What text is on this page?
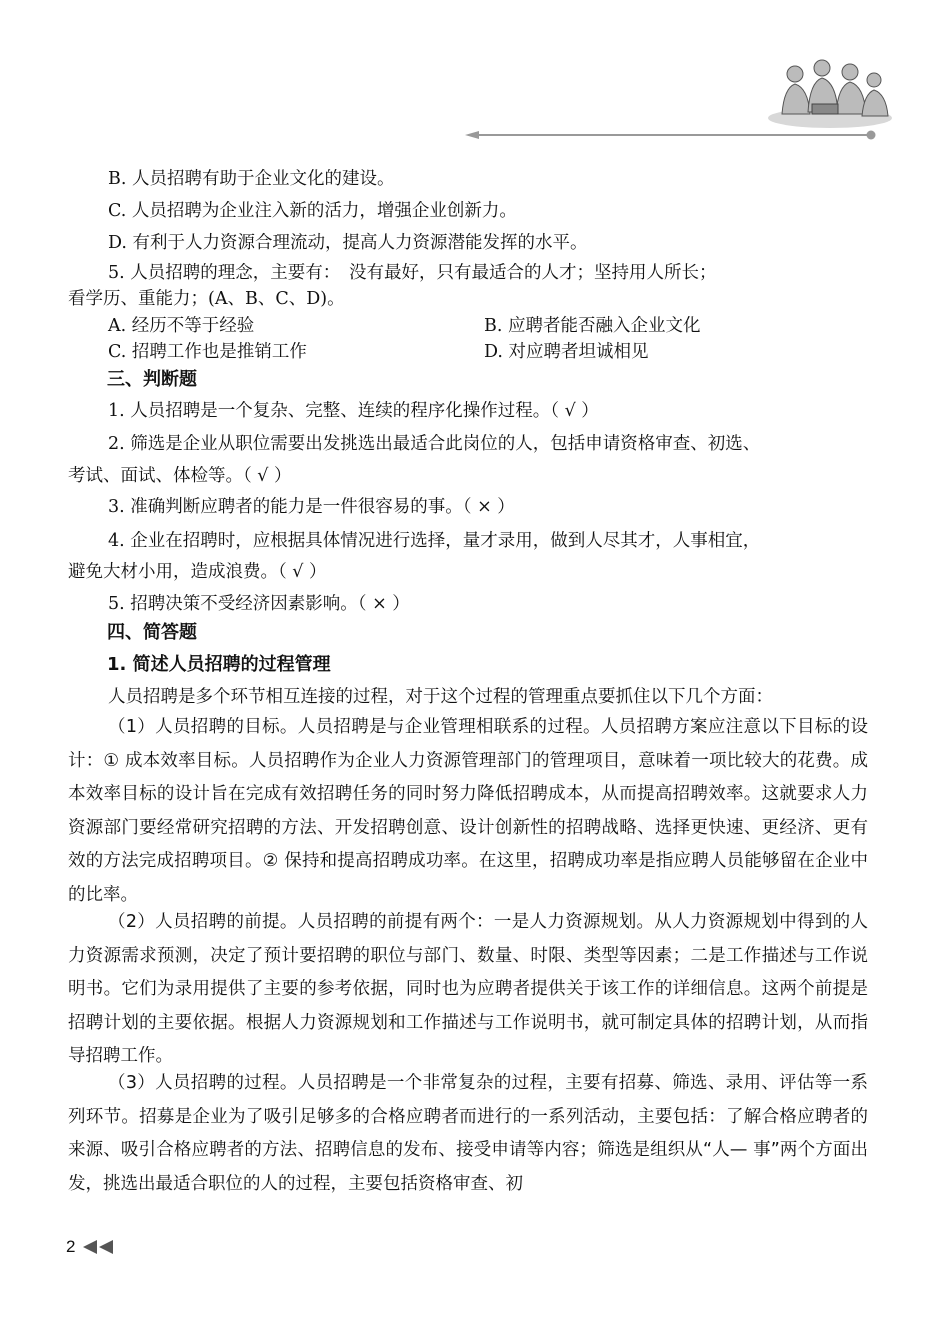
B. 人员招聘有助于企业文化的建设。
C. 人员招聘为企业注入新的活力，增强企业创新力。
D. 有利于人力资源合理流动，提高人力资源潜能发挥的水平。
5. 人员招聘的理念，主要有：　没有最好，只有最适合的人才；坚持用人所长；
看学历、重能力；(A、B、C、D)。
A. 经历不等于经验	B. 应聘者能否融入企业文化
C. 招聘工作也是推销工作	D. 对应聘者坦诚相见
三、判断题
1. 人员招聘是一个复杂、完整、连续的程序化操作过程。（ √ ）
2. 筛选是企业从职位需要出发挑选出最适合此岗位的人，包括申请资格审查、初选、
考试、面试、体检等。（ √ ）
3. 准确判断应聘者的能力是一件很容易的事。（ × ）
4. 企业在招聘时，应根据具体情况进行选择，量才录用，做到人尽其才，人事相宜，
避免大材小用，造成浪费。（ √ ）
5. 招聘决策不受经济因素影响。（ × ）
四、简答题
1. 简述人员招聘的过程管理
人员招聘是多个环节相互连接的过程，对于这个过程的管理重点要抓住以下几个方面：
（1）人员招聘的目标。人员招聘是与企业管理相联系的过程。人员招聘方案应注意以下目标的设计：① 成本效率目标。人员招聘作为企业人力资源管理部门的管理项目，意味着一项比较大的花费。成本效率目标的设计旨在完成有效招聘任务的同时努力降低招聘成本，从而提高招聘效率。这就要求人力资源部门要经常研究招聘的方法、开发招聘创意、设计创新性的招聘战略、选择更快速、更经济、更有效的方法完成招聘项目。② 保持和提高招聘成功率。在这里，招聘成功率是指应聘人员能够留在企业中的比率。
（2）人员招聘的前提。人员招聘的前提有两个：一是人力资源规划。从人力资源规划中得到的人力资源需求预测，决定了预计要招聘的职位与部门、数量、时限、类型等因素；二是工作描述与工作说明书。它们为录用提供了主要的参考依据，同时也为应聘者提供关于该工作的详细信息。这两个前提是招聘计划的主要依据。根据人力资源规划和工作描述与工作说明书，就可制定具体的招聘计划，从而指导招聘工作。
（3）人员招聘的过程。人员招聘是一个非常复杂的过程，主要有招募、筛选、录用、评估等一系列环节。招募是企业为了吸引足够多的合格应聘者而进行的一系列活动，主要包括：了解合格应聘者的来源、吸引合格应聘者的方法、招聘信息的发布、接受申请等内容；筛选是组织从“人— 事”两个方面出发，挑选出最适合职位的人的过程，主要包括资格审查、初
2
